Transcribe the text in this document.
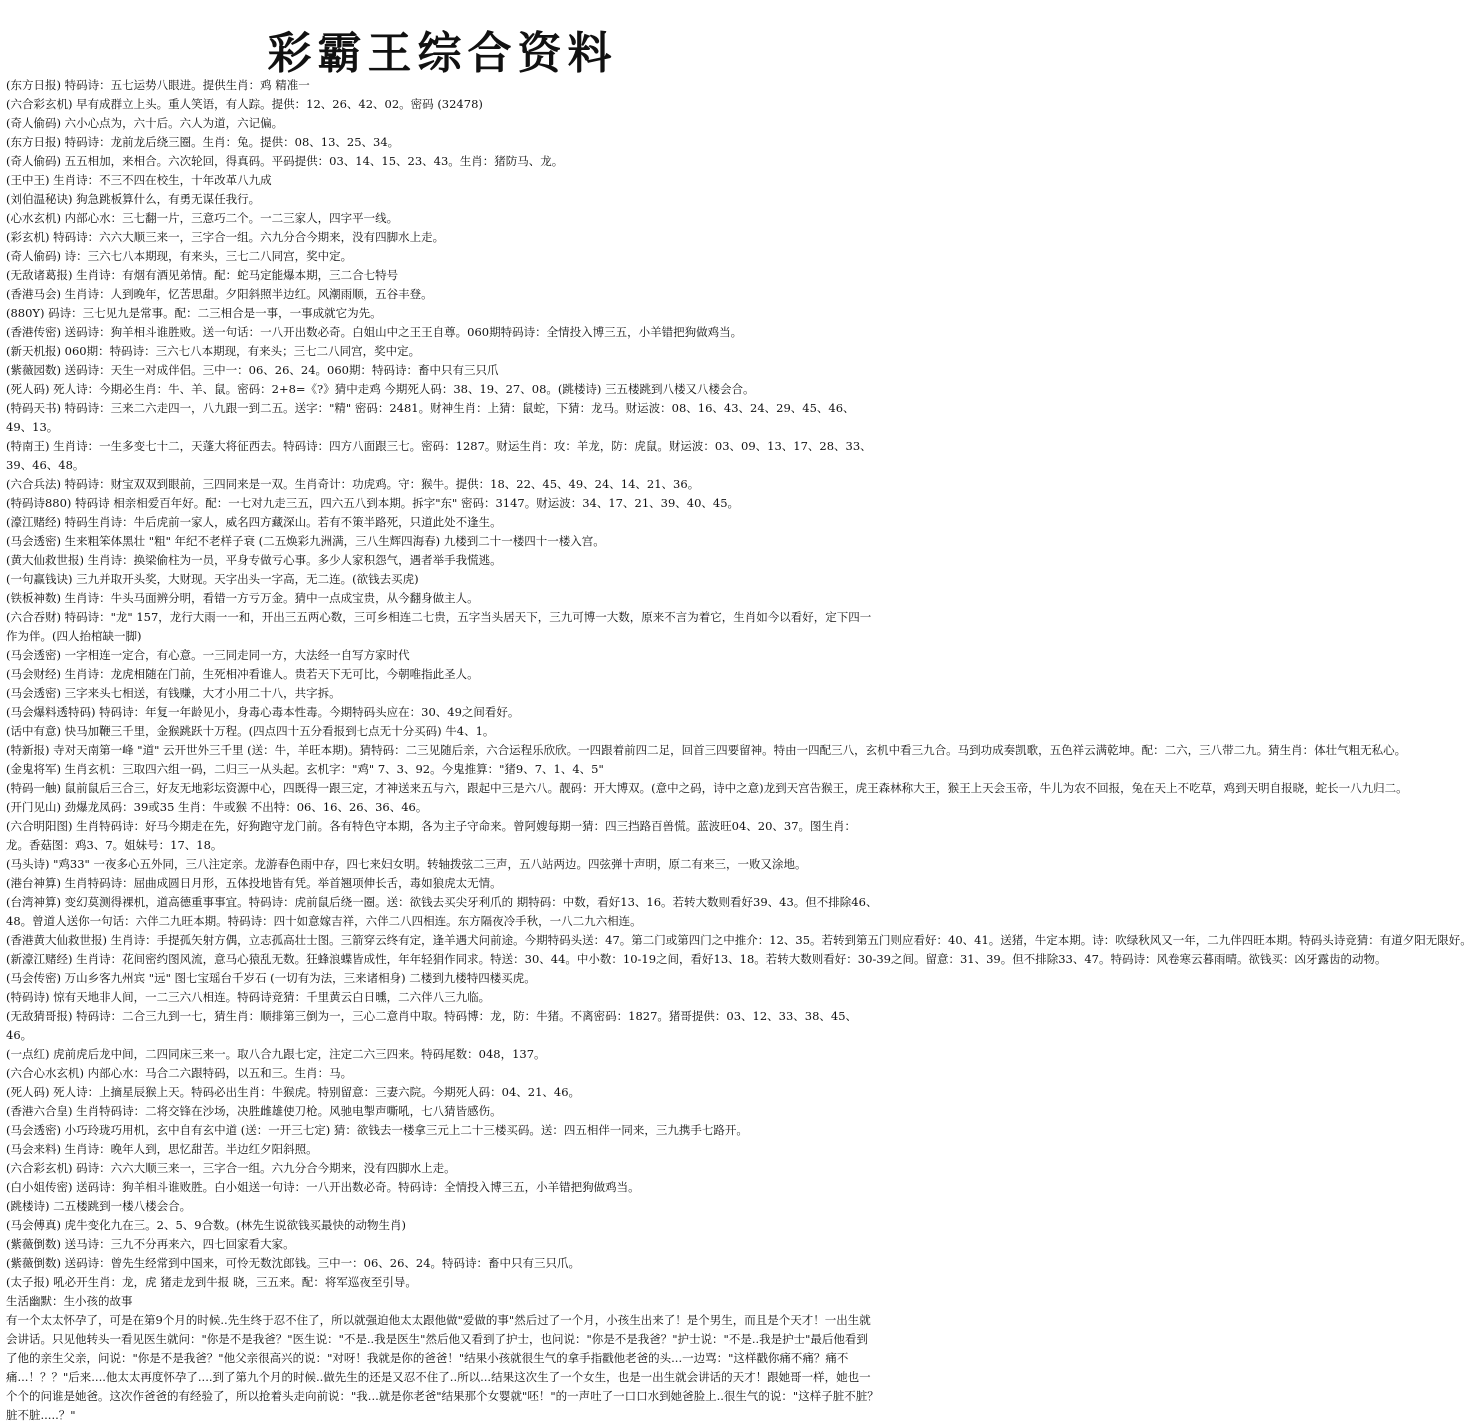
彩霸王综合资料
(东方日报) 特码诗：五七运势八眼进。提供生肖：鸡 精准一
(六合彩玄机) 早有成群立上头。重人笑语，有人踪。提供：12、26、42、02。密码 (32478)
(奇人偷码) 六小心点为，六十后。六人为道，六记偏。
(东方日报) 特码诗：龙前龙后绕三圈。生肖：兔。提供：08、13、25、34。
(奇人偷码) 五五相加，来相合。六次轮回，得真码。平码提供：03、14、15、23、43。生肖：猪防马、龙。
(王中王) 生肖诗：不三不四在校生，十年改革八九成
(刘伯温秘诀) 狗急跳板算什么，有勇无谋任我行。
(心水玄机) 内部心水：三七翻一片，三意巧二个。一二三家人，四字平一线。
(彩玄机) 特码诗：六六大顺三来一，三字合一组。六九分合今期来，没有四脚水上走。
(奇人偷码) 诗：三六七八本期现，有来头，三七二八同宫，奖中定。
(无敌诸葛报) 生肖诗：有烟有酒见弟情。配：蛇马定能爆本期，三二合七特号
(香港马会) 生肖诗：人到晚年，忆苦思甜。夕阳斜照半边红。风潮雨顺，五谷丰登。
(880Y) 码诗：三七见九是常事。配：二三相合是一事，一事成就它为先。
(香港传密) 送码诗：狗羊相斗谁胜败。送一句话：一八开出数必奇。白姐山中之王王自尊。060期特码诗：全情投入博三五，小羊错把狗做鸡当。
(新天机报) 060期：特码诗：三六七八本期现，有来头；三七二八同宫，奖中定。
(紫薇园数) 送码诗：天生一对成伴侣。三中一：06、26、24。060期：特码诗：畜中只有三只爪
(死人码) 死人诗：今期必生肖：牛、羊、鼠。密码：2+8=《?》猜中走鸡 今期死人码：38、19、27、08。(跳楼诗) 三五楼跳到八楼又八楼会合。
(特码天书) 特码诗：三来二六走四一，八九跟一到二五。送字："精" 密码：2481。财神生肖：上猜：鼠蛇，下猜：龙马。财运波：08、16、43、24、29、45、46、49、13。
(特南王) 生肖诗：一生多变七十二，天蓬大将征西去。特码诗：四方八面跟三七。密码：1287。财运生肖：攻：羊龙，防：虎鼠。财运波：03、09、13、17、28、33、39、46、48。
(六合兵法) 特码诗：财宝双双到眼前，三四同来是一双。生肖奇计：功虎鸡。守：猴牛。提供：18、22、45、49、24、14、21、36。
(特码诗880) 特码诗 相亲相爱百年好。配：一七对九走三五，四六五八到本期。拆字"东" 密码：3147。财运波：34、17、21、39、40、45。
(濠江赌经) 特码生肖诗：牛后虎前一家人，威名四方藏深山。若有不策半路死，只道此处不逢生。
(马会透密) 生来粗笨体黑壮 "粗" 年纪不老样子衰 (二五焕彩九洲满，三八生辉四海春) 九楼到二十一楼四十一楼入宫。
(黄大仙救世报) 生肖诗：换梁偷柱为一员，平身专做亏心事。多少人家积怨气，遇者举手我慌逃。
(一句赢钱诀) 三九并取开头奖，大财现。天字出头一字高，无二连。(欲钱去买虎)
(铁板神数) 生肖诗：牛头马面辨分明，看错一方亏万金。猜中一点成宝贵，从今翻身做主人。
(六合吞财) 特码诗："龙" 157，龙行大雨一一和，开出三五两心数，三可乡相连二七贵，五字当头居天下，三九可博一大数，原来不言为着它，生肖如今以看好，定下四一作为伴。(四人抬棺缺一脚)
(马会透密) 一字相连一定合，有心意。一三同走同一方，大法经一自写方家时代
(马会财经) 生肖诗：龙虎相随在门前，生死相冲看谁人。贵若天下无可比，今朝唯指此圣人。
(马会透密) 三字来头七相送，有钱赚，大才小用二十八，共字拆。
(马会爆料透特码) 特码诗：年复一年龄见小，身毒心毒本性毒。今期特码头应在：30、49之间看好。
(话中有意) 快马加鞭三千里，金猴跳跃十万程。(四点四十五分看报到七点无十分买码) 牛4、1。
(特新报) 寺对天南第一峰 "道" 云开世外三千里 (送：牛，羊旺本期)。猜特码：二三见随后亲，六合运程乐欣欣。一四跟着前四二足，回首三四要留神。特由一四配三八，玄机中看三九合。马到功成奏凯歌，五色祥云满乾坤。配：二六，三八带二九。猜生肖：体壮气粗无私心。
(金鬼将军) 生肖玄机：三取四六组一码，二归三一从头起。玄机字："鸡" 7、3、92。今鬼推算："猪9、7、1、4、5"
(特码一触) 鼠前鼠后三合三，好友无地彩坛资源中心，四既得一跟三定，才神送来五与六，跟起中三是六八。靓码：开大博双。(意中之码，诗中之意)龙到天宫告猴王，虎王森林称大王，猴王上天会玉帝，牛儿为农不回报，兔在天上不吃草，鸡到天明自报晓，蛇长一八九归二。
(开门见山) 劲爆龙凤码：39或35 生肖：牛或猴 不出特：06、16、26、36、46。
(六合明阳图) 生肖特码诗：好马今期走在先，好狗跑守龙门前。各有特色守本期，各为主子守命来。曾阿嫂每期一猜：四三挡路百兽慌。蓝波旺04、20、37。图生肖：龙。香菇图：鸡3、7。姐妹号：17、18。
(马头诗) "鸡33" 一夜多心五外同，三八注定亲。龙游春色雨中存，四七来妇女明。转轴拨弦二三声，五八站两边。四弦弹十声明，原二有来三，一败又涂地。
(港台神算) 生肖特码诗：屈曲成圆日月形，五体投地皆有凭。举首翘项伸长舌，毒如狼虎太无情。
(台湾神算) 变幻莫测得裸机，道高德重事事宜。特码诗：虎前鼠后绕一圈。送：欲钱去买尖牙利爪的 期特码：中数，看好13、16。若转大数则看好39、43。但不排除46、48。曾道人送你一句话：六伴二九旺本期。特码诗：四十如意嫁吉祥，六伴二八四相连。东方隔夜冷手秋，一八二九六相连。
(香港黄大仙救世报) 生肖诗：手提孤矢射方偶，立志孤高壮士图。三箭穿云终有定，逢羊遇犬问前途。今期特码头送：47。第二门或第四门之中推介：12、35。若转到第五门则应看好：40、41。送猪，牛定本期。诗：吹绿秋风又一年，二九伴四旺本期。特码头诗竞猜：有道夕阳无限好。
(新濠江赌经) 生肖诗：花间密约图风流，意马心猿乱无数。狂蜂浪蝶皆成性，年年轻狷作同求。特送：30、44。中小数：10-19之间，看好13、18。若转大数则看好：30-39之间。留意：31、39。但不排除33、47。特码诗：风卷寒云暮雨晴。欲钱买：凶牙露齿的动物。
(马会传密) 万山乡客九州宾 "远" 图七宝瑶台千岁石 (一切有为法，三来诸相身) 二楼到九楼特四楼买虎。
(特码诗) 惊有天地非人间，一二三六八相连。特码诗竞猜：千里黄云白日曛，二六伴八三九临。
(无敌猜哥报) 特码诗：二合三九到一七，猜生肖：顺排第三倒为一，三心二意肖中取。特码博：龙，防：牛猪。不离密码：1827。猪哥提供：03、12、33、38、45、46。
(一点红) 虎前虎后龙中间，二四同床三来一。取八合九跟七定，注定二六三四来。特码尾数：048，137。
(六合心水玄机) 内部心水：马合二六跟特码，以五和三。生肖：马。
(死人码) 死人诗：上摘星辰猴上天。特码必出生肖：牛猴虎。特别留意：三妻六院。今期死人码：04、21、46。
(香港六合皇) 生肖特码诗：二将交锋在沙场，决胜雌雄使刀枪。风驰电掣声嘶吼，七八猜皆感伤。
(马会透密) 小巧玲珑巧用机，玄中自有玄中道 (送：一开三七定) 猜：欲钱去一楼拿三元上二十三楼买码。送：四五相伴一同来，三九携手七路开。
(马会来料) 生肖诗：晚年人到，思忆甜苦。半边红夕阳斜照。
(六合彩玄机) 码诗：六六大顺三来一，三字合一组。六九分合今期来，没有四脚水上走。
(白小姐传密) 送码诗：狗羊相斗谁败胜。白小姐送一句诗：一八开出数必奇。特码诗：全情投入博三五，小羊错把狗做鸡当。
(跳楼诗) 二五楼跳到一楼八楼会合。
(马会傅真) 虎牛变化九在三。2、5、9合数。(林先生说欲钱买最快的动物生肖)
(紫薇倒数) 送马诗：三九不分再来六，四七回家看大家。
(紫薇倒数) 送码诗：曾先生经常到中国来，可怜无数沈郎钱。三中一：06、26、24。特码诗：畜中只有三只爪。
(太子报) 吼必开生肖：龙，虎 猪走龙到牛报 晓，三五来。配：将军巡夜至引导。
生活幽默：生小孩的故事
有一个太太怀孕了，可是在第9个月的时候..先生终于忍不住了，所以就强迫他太太跟他做"爱做的事"然后过了一个月，小孩生出来了！是个男生，而且是个天才！一出生就会讲话。只见他转头一看见医生就问："你是不是我爸？"医生说："不是..我是医生"然后他又看到了护士，也问说："你是不是我爸？"护士说："不是..我是护士"最后他看到了他的亲生父亲，问说："你是不是我爸？"他父亲很高兴的说："对呀！我就是你的爸爸！"结果小孩就很生气的拿手指戳他老爸的头...一边骂："这样戳你痛不痛？痛不痛...！？？"后来....他太太再度怀孕了....到了第九个月的时候..做先生的还是又忍不住了..所以...结果这次生了一个女生，也是一出生就会讲话的天才！跟她哥一样，她也一个个的问谁是她爸。这次作爸爸的有经验了，所以抢着头走向前说："我...就是你老爸"结果那个女婴就"呸！"的一声吐了一口口水到她爸脸上..很生气的说："这样子脏不脏？脏不脏.....？"
